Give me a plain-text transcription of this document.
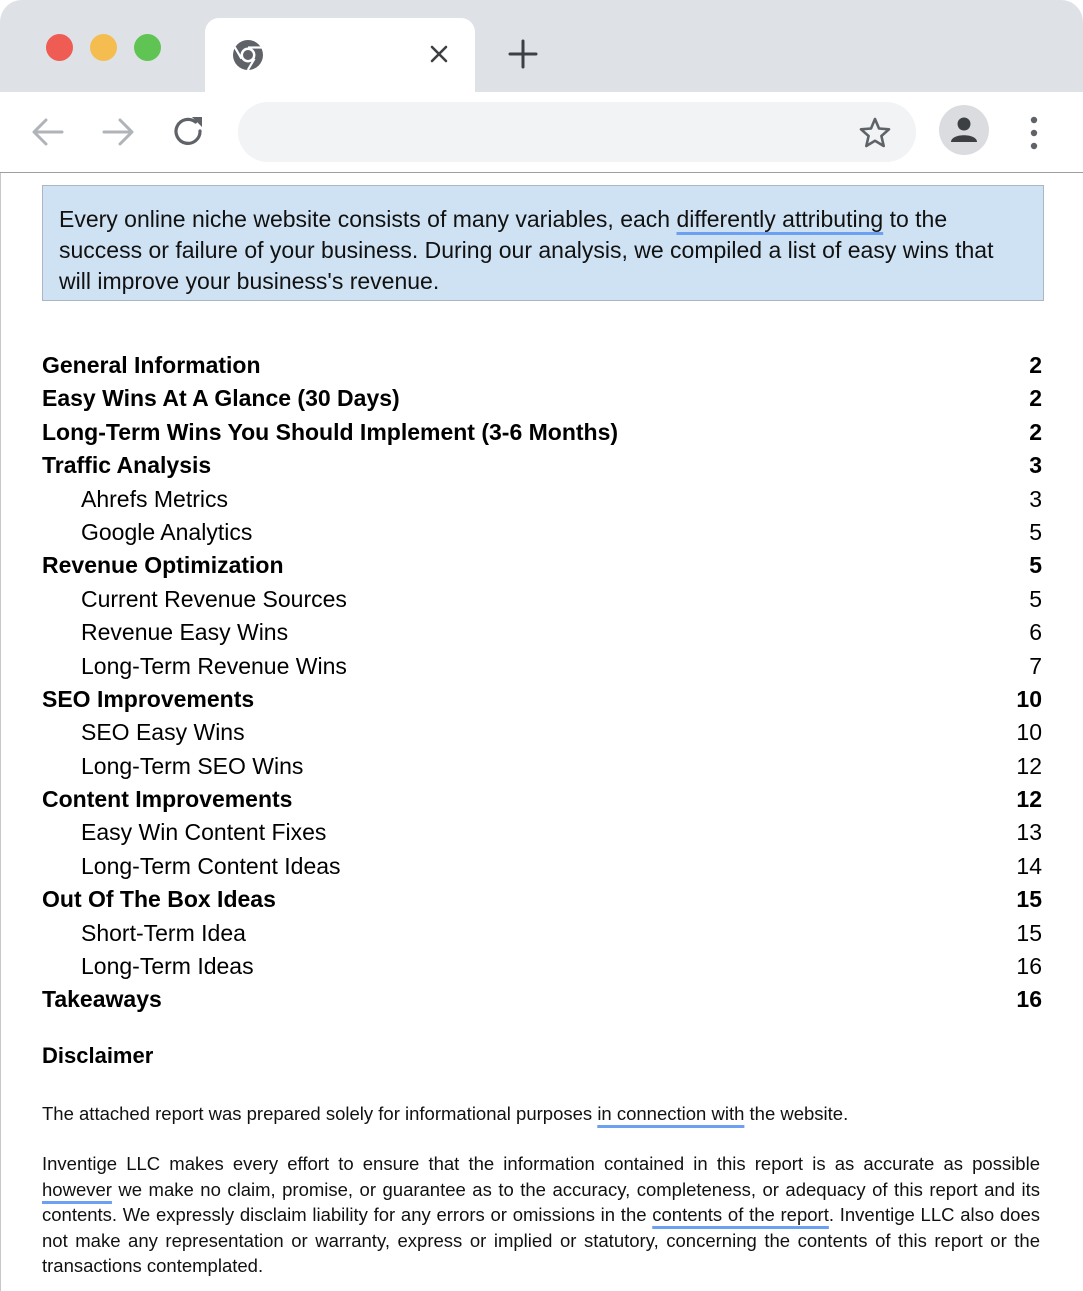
Every online niche website consists of many variables, each differently attributing to the success or failure of your business. During our analysis, we compiled a list of easy wins that will improve your business's revenue.
General Information	2
Easy Wins At A Glance (30 Days)	2
Long-Term Wins You Should Implement (3-6 Months)	2
Traffic Analysis	3
Ahrefs Metrics	3
Google Analytics	5
Revenue Optimization	5
Current Revenue Sources	5
Revenue Easy Wins	6
Long-Term Revenue Wins	7
SEO Improvements	10
SEO Easy Wins	10
Long-Term SEO Wins	12
Content Improvements	12
Easy Win Content Fixes	13
Long-Term Content Ideas	14
Out Of The Box Ideas	15
Short-Term Idea	15
Long-Term Ideas	16
Takeaways	16
Disclaimer
The attached report was prepared solely for informational purposes in connection with the website.
Inventige LLC makes every effort to ensure that the information contained in this report is as accurate as possible however we make no claim, promise, or guarantee as to the accuracy, completeness, or adequacy of this report and its contents. We expressly disclaim liability for any errors or omissions in the contents of the report. Inventige LLC also does not make any representation or warranty, express or implied or statutory, concerning the contents of this report or the transactions contemplated.
